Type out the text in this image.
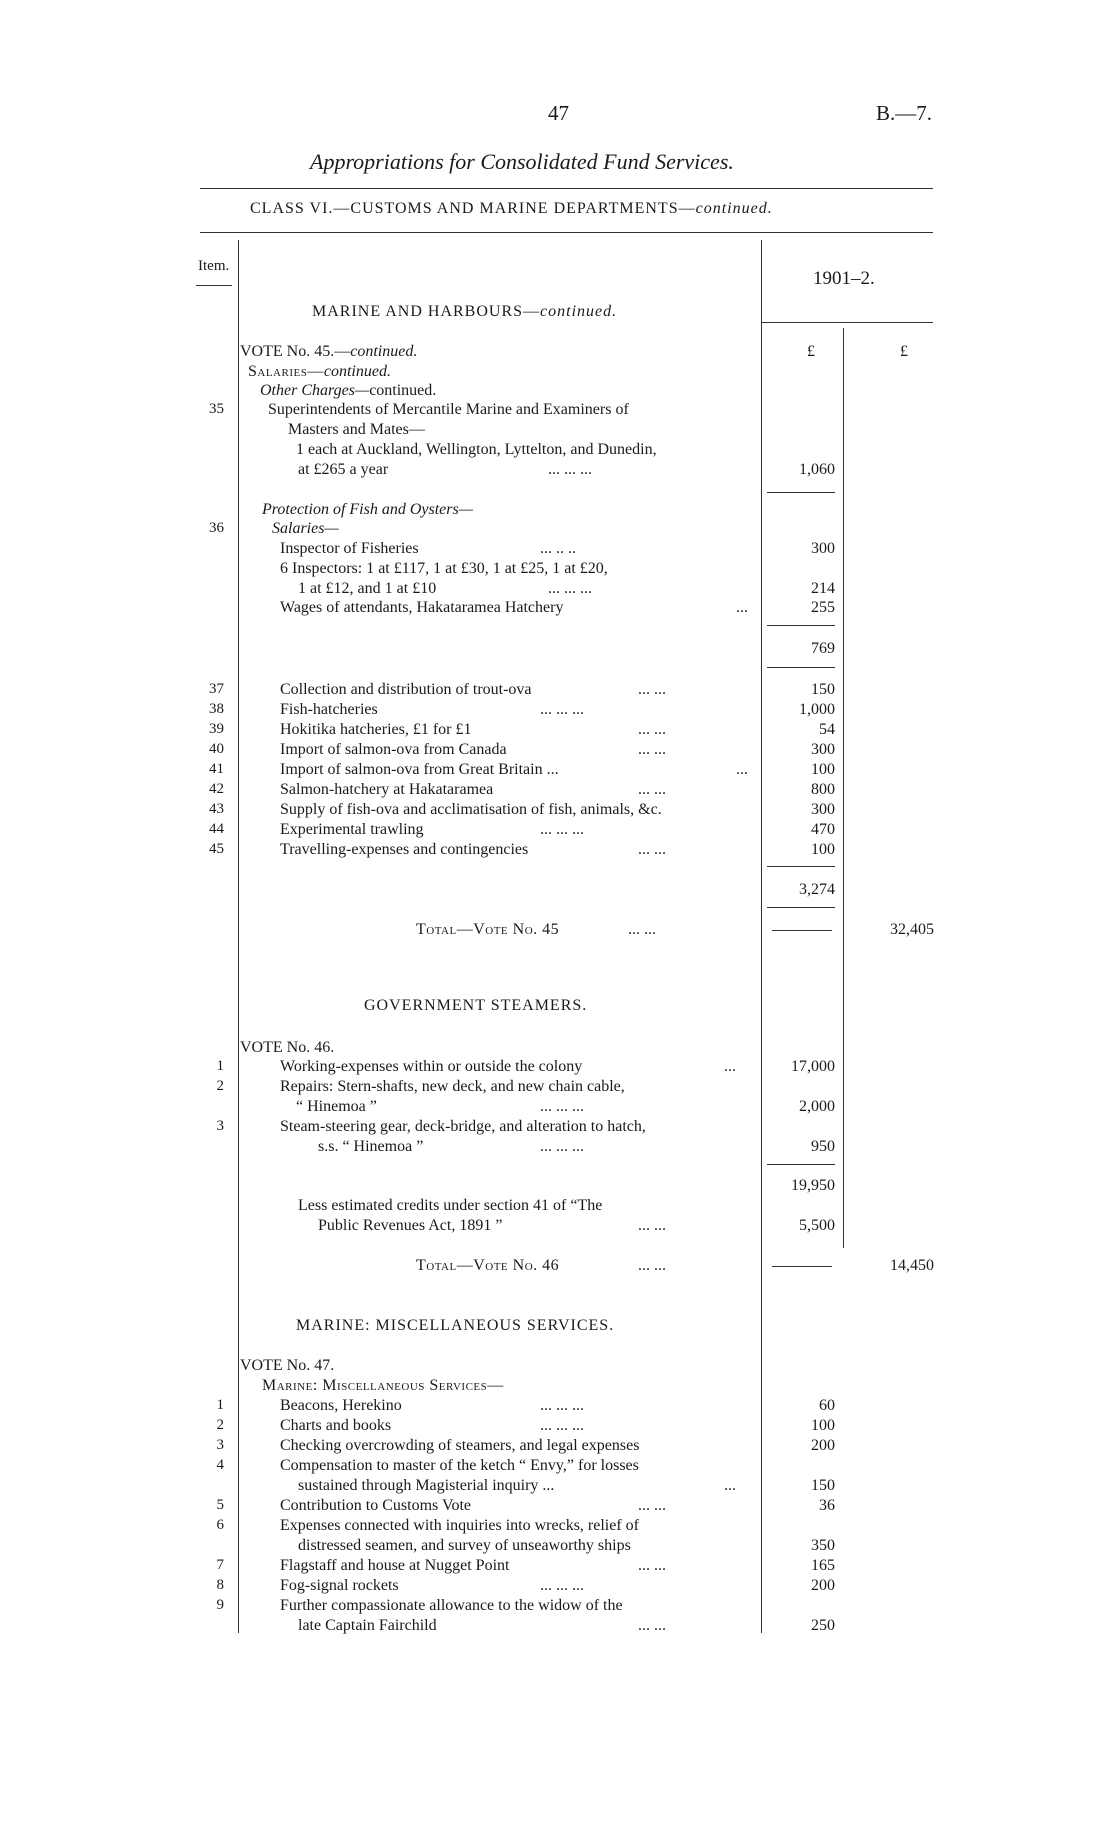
47	B.—7.
Appropriations for Consolidated Fund Services.
CLASS VI.—CUSTOMS AND MARINE DEPARTMENTS—continued.
Item.
1901–2.
£	£
MARINE AND HARBOURS—continued.
VOTE No. 45.—continued.
Salaries—continued.
Other Charges—continued.
35	Superintendents of Mercantile Marine and Examiners of
Masters and Mates—
1 each at Auckland, Wellington, Lyttelton, and Dunedin,
at £265 a year	... ... ...	1,060
Protection of Fish and Oysters—
36	Salaries—
Inspector of Fisheries	... .. ..	300
6 Inspectors: 1 at £117, 1 at £30, 1 at £25, 1 at £20,
1 at £12, and 1 at £10	... ... ...	214
Wages of attendants, Hakataramea Hatchery	...	255
769
37	Collection and distribution of trout-ova	... ...	150
38	Fish-hatcheries	... ... ...	1,000
39	Hokitika hatcheries, £1 for £1	... ...	54
40	Import of salmon-ova from Canada	... ...	300
41	Import of salmon-ova from Great Britain ...	...	100
42	Salmon-hatchery at Hakataramea	... ...	800
43	Supply of fish-ova and acclimatisation of fish, animals, &c.	300
44	Experimental trawling	... ... ...	470
45	Travelling-expenses and contingencies	... ...	100
3,274
Total—Vote No. 45	... ...	32,405
GOVERNMENT STEAMERS.
VOTE No. 46.
1	Working-expenses within or outside the colony	...	17,000
2	Repairs: Stern-shafts, new deck, and new chain cable,
“ Hinemoa ”	... ... ...	2,000
3	Steam-steering gear, deck-bridge, and alteration to hatch,
s.s. “ Hinemoa ”	... ... ...	950
19,950
Less estimated credits under section 41 of “The
Public Revenues Act, 1891 ”	... ...	5,500
Total—Vote No. 46	... ...	14,450
MARINE: MISCELLANEOUS SERVICES.
VOTE No. 47.
Marine: Miscellaneous Services—
1	Beacons, Herekino	... ... ...	60
2	Charts and books	... ... ...	100
3	Checking overcrowding of steamers, and legal expenses	200
4	Compensation to master of the ketch “ Envy,” for losses
sustained through Magisterial inquiry ...	...	150
5	Contribution to Customs Vote	... ...	36
6	Expenses connected with inquiries into wrecks, relief of
distressed seamen, and survey of unseaworthy ships	350
7	Flagstaff and house at Nugget Point	... ...	165
8	Fog-signal rockets	... ... ...	200
9	Further compassionate allowance to the widow of the
late Captain Fairchild	... ...	250
